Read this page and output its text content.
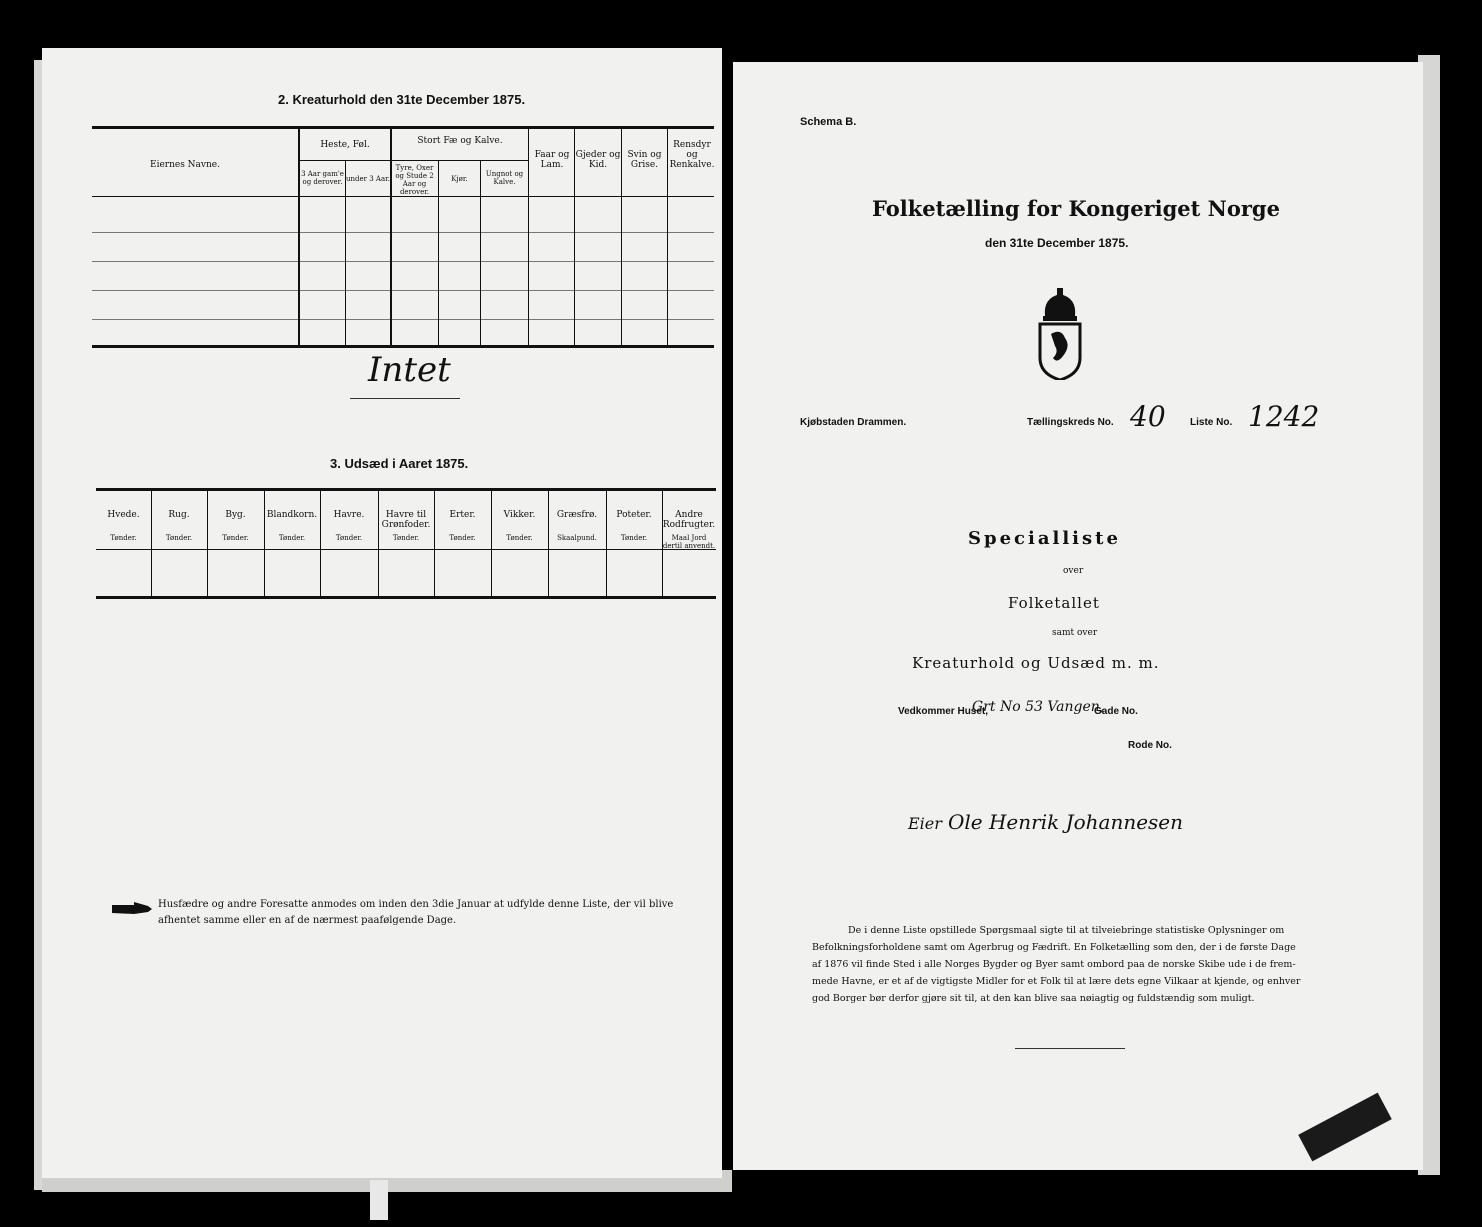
2. Kreaturhold den 31te December 1875.
Eiernes Navne.
Heste, Føl.
3 Aar gam'e og derover. under 3 Aar.
Stort Fæ og Kalve.
Tyre, Oxer og Stude 2 Aar og derover.
Kjør.
Ungnot og Kalve.
Faar og Lam.
Gjeder og Kid.
Svin og Grise.
Rensdyr og Renkalve.
Intet
3. Udsæd i Aaret 1875.
Husfædre og andre Foresatte anmodes om inden den 3die Januar at udfylde denne Liste, der vil blive
afhentet samme eller en af de nærmest paafølgende Dage.
Schema B.
Folketælling for Kongeriget Norge
den 31te December 1875.
Kjøbstaden Drammen.	Tællingskreds No. 40 Liste No. 1242
Specialliste
over
Folketallet
samt over
Kreaturhold og Udsæd m. m.
Vedkommer Huset,
Grt No 53 Vangen,
Gade No.
Rode No.
Eier Ole Henrik Johannesen
De i denne Liste opstillede Spørgsmaal sigte til at tilveiebringe statistiske Oplysninger om
Befolkningsforholdene samt om Agerbrug og Fædrift. En Folketælling som den, der i de første Dage
af 1876 vil finde Sted i alle Norges Bygder og Byer samt ombord paa de norske Skibe ude i de frem-
mede Havne, er et af de vigtigste Midler for et Folk til at lære dets egne Vilkaar at kjende, og enhver
god Borger bør derfor gjøre sit til, at den kan blive saa nøiagtig og fuldstændig som muligt.
Hvede.
Tønder.
Rug.
Tønder.
Byg.
Tønder.
Blandkorn.
Tønder.
Havre.
Tønder.
Havre til Grønfoder.
Tønder.
Erter.
Tønder.
Vikker.
Tønder.
Græsfrø.
Skaalpund.
Poteter.
Tønder.
Andre Rodfrugter.
Maal Jord dertil anvendt.
